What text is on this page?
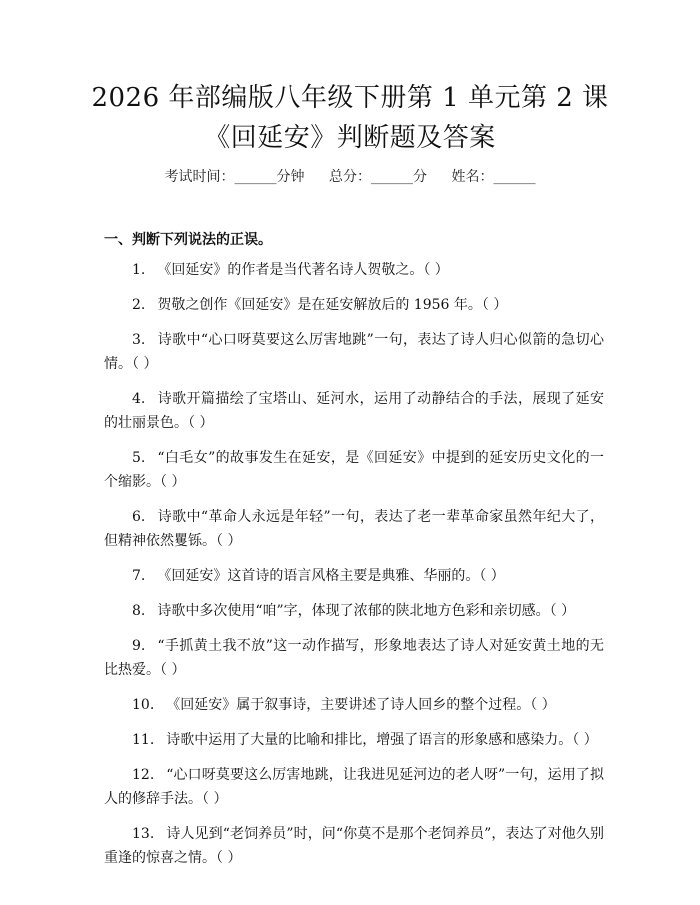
2026 年部编版八年级下册第 1 单元第 2 课
《回延安》判断题及答案
考试时间：______分钟 总分：______分 姓名：______
一、判断下列说法的正误。
1. 《回延安》的作者是当代著名诗人贺敬之。（ ）
2. 贺敬之创作《回延安》是在延安解放后的 1956 年。（ ）
3. 诗歌中“心口呀莫要这么厉害地跳”一句，表达了诗人归心似箭的急切心情。（ ）
4. 诗歌开篇描绘了宝塔山、延河水，运用了动静结合的手法，展现了延安的壮丽景色。（ ）
5. “白毛女”的故事发生在延安，是《回延安》中提到的延安历史文化的一个缩影。（ ）
6. 诗歌中“革命人永远是年轻”一句，表达了老一辈革命家虽然年纪大了，但精神依然矍铄。（ ）
7. 《回延安》这首诗的语言风格主要是典雅、华丽的。（ ）
8. 诗歌中多次使用“咱”字，体现了浓郁的陕北地方色彩和亲切感。（ ）
9. “手抓黄土我不放”这一动作描写，形象地表达了诗人对延安黄土地的无比热爱。（ ）
10. 《回延安》属于叙事诗，主要讲述了诗人回乡的整个过程。（ ）
11. 诗歌中运用了大量的比喻和排比，增强了语言的形象感和感染力。（ ）
12. “心口呀莫要这么厉害地跳，让我进见延河边的老人呀”一句，运用了拟人的修辞手法。（ ）
13. 诗人见到“老饲养员”时，问“你莫不是那个老饲养员”，表达了对他久别重逢的惊喜之情。（ ）
